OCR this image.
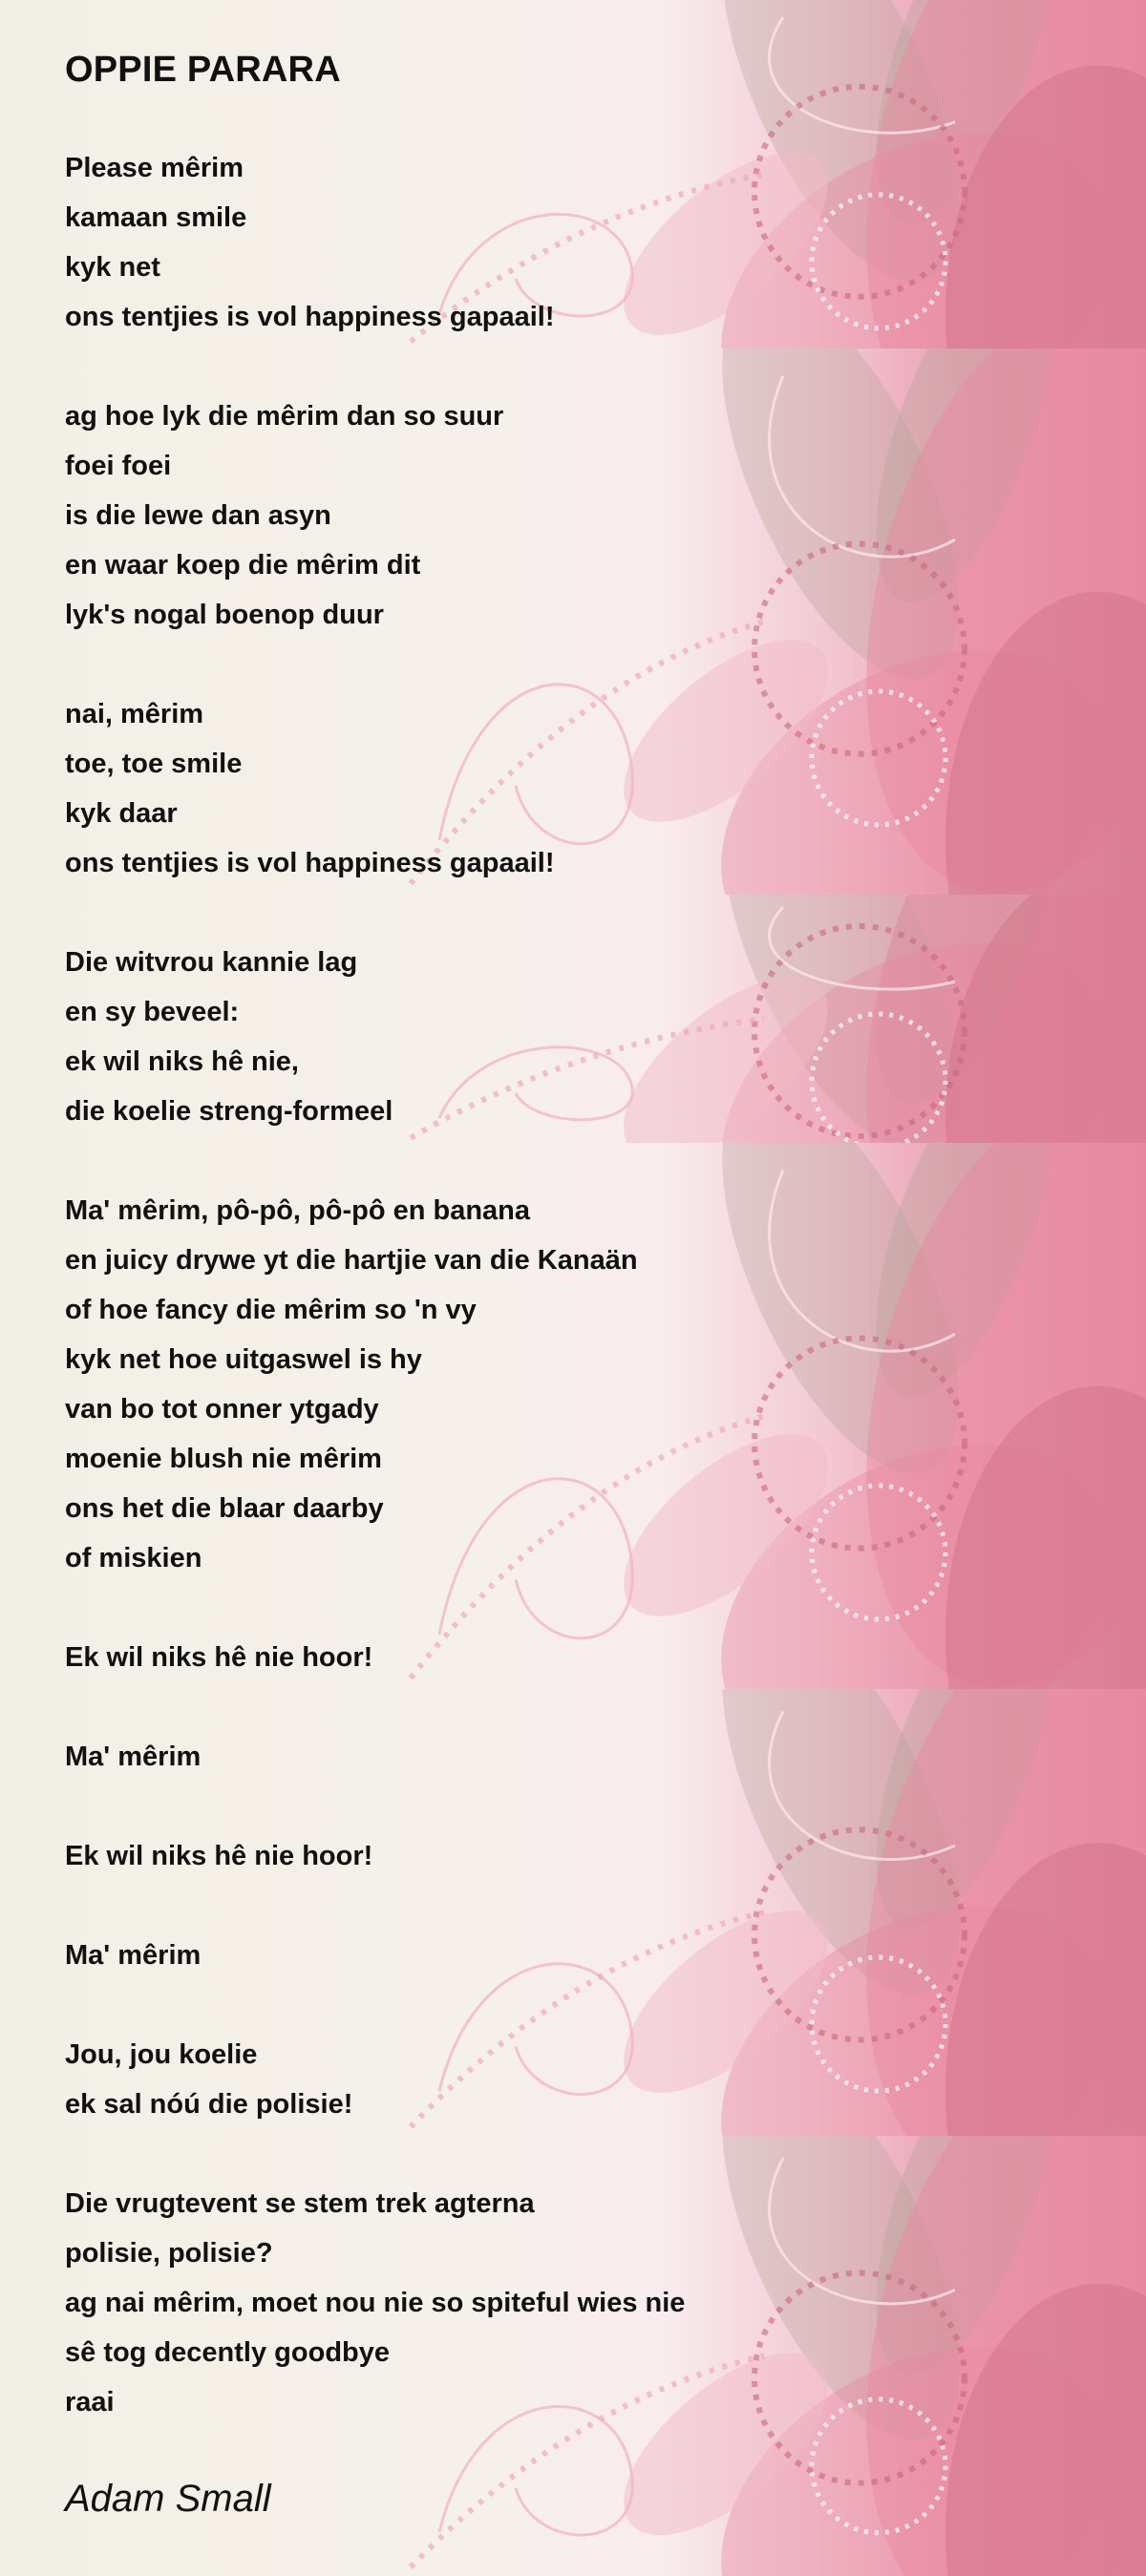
OPPIE PARARA
Please mêrim
kamaan smile
kyk net
ons tentjies is vol happiness gapaail!

ag hoe lyk die mêrim dan so suur
foei foei
is die lewe dan asyn
en waar koep die mêrim dit
lyk's nogal boenop duur

nai, mêrim
toe, toe smile
kyk daar
ons tentjies is vol happiness gapaail!

Die witvrou kannie lag
en sy beveel:
ek wil niks hê nie,
die koelie streng-formeel

Ma' mêrim, pô-pô, pô-pô en banana
en juicy drywe yt die hartjie van die Kanaän
of hoe fancy die mêrim so 'n vy
kyk net hoe uitgaswel is hy
van bo tot onner ytgady
moenie blush nie mêrim
ons het die blaar daarby
of miskien

Ek wil niks hê nie hoor!

Ma' mêrim

Ek wil niks hê nie hoor!

Ma' mêrim

Jou, jou koelie
ek sal nóú die polisie!

Die vrugtevent se stem trek agterna
polisie, polisie?
ag nai mêrim, moet nou nie so spiteful wies nie
sê tog decently goodbye
raai
Adam Small
